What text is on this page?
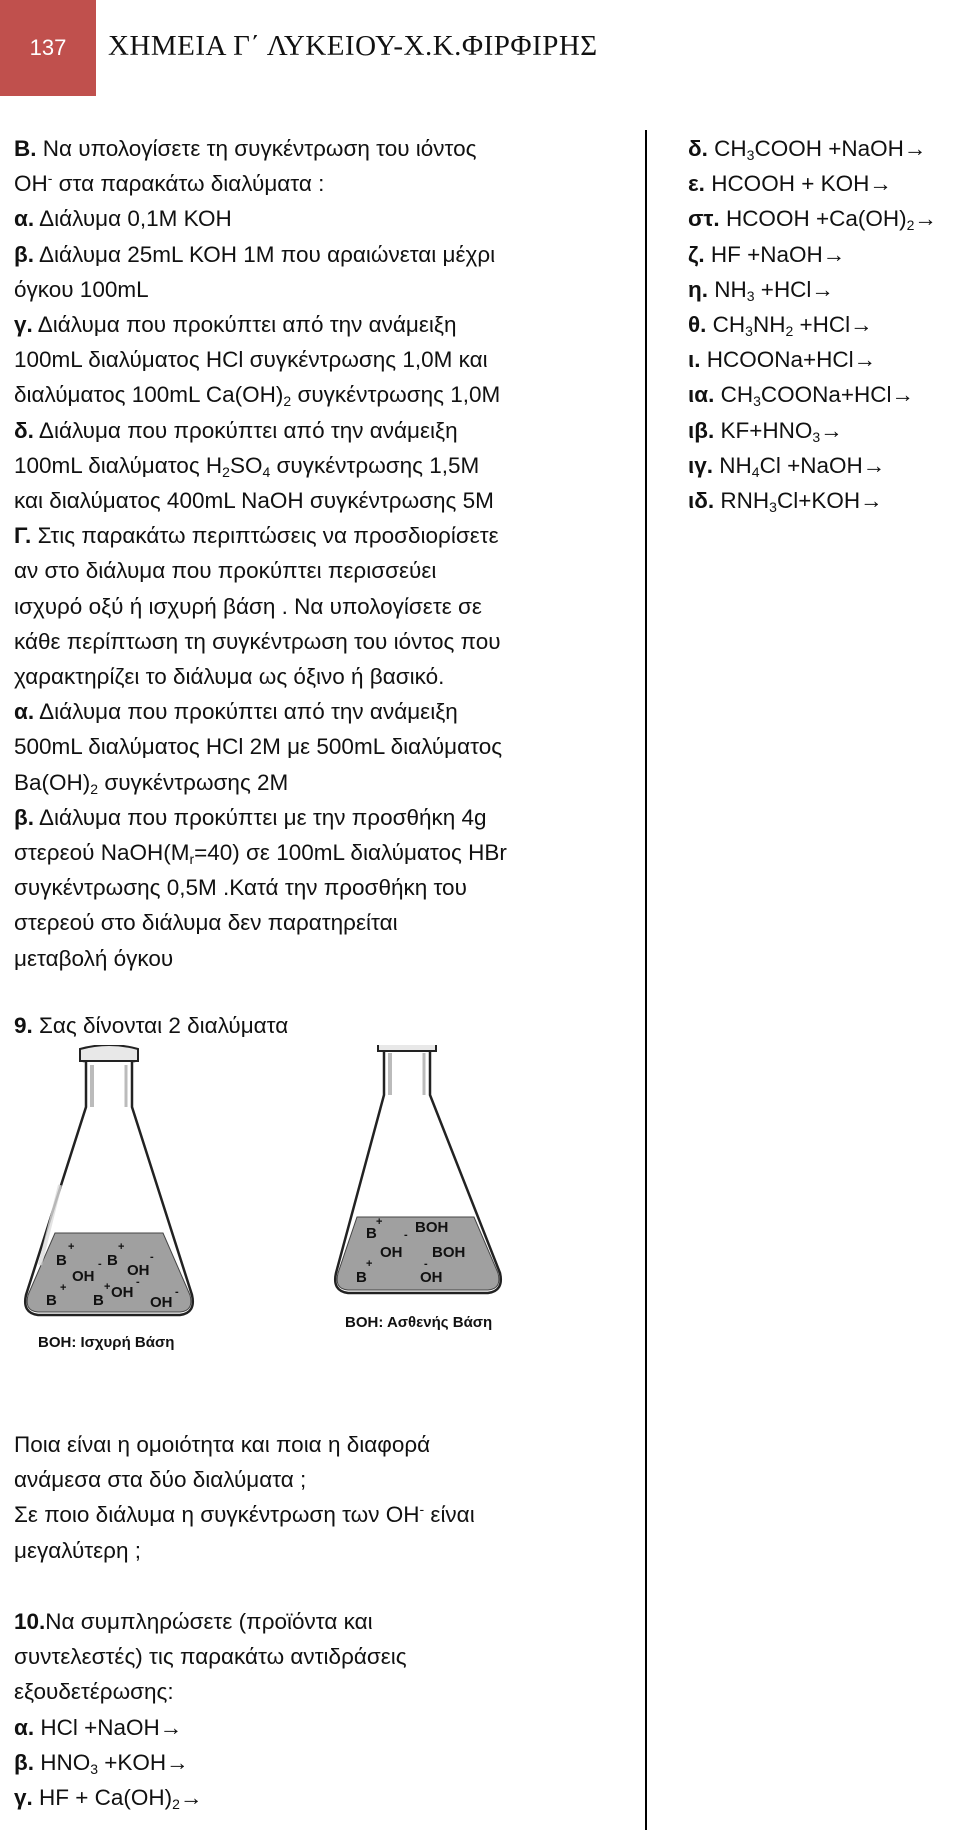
137 ΧΗΜΕΙΑ Γ΄ ΛΥΚΕΙΟΥ-Χ.Κ.ΦΙΡΦΙΡΗΣ
Β. Να υπολογίσετε τη συγκέντρωση του ιόντος
ΟΗ- στα παρακάτω διαλύματα :
α. Διάλυμα 0,1Μ ΚΟΗ
β. Διάλυμα 25mL ΚΟΗ 1Μ που αραιώνεται μέχρι
όγκου 100mL
γ. Διάλυμα που προκύπτει από την ανάμειξη
100mL διαλύματος HCl συγκέντρωσης 1,0Μ και
διαλύματος 100mL $Ca(OH)_2$ συγκέντρωσης 1,0Μ
δ. Διάλυμα που προκύπτει από την ανάμειξη
100mL διαλύματος $H_2SO_4$ συγκέντρωσης 1,5Μ
και διαλύματος 400mL NaOH συγκέντρωσης 5Μ
Γ. Στις παρακάτω περιπτώσεις να προσδιορίσετε
αν στο διάλυμα που προκύπτει περισσεύει
ισχυρό οξύ ή ισχυρή βάση . Να υπολογίσετε σε
κάθε περίπτωση τη συγκέντρωση του ιόντος που
χαρακτηρίζει το διάλυμα ως όξινο ή βασικό.
α. Διάλυμα που προκύπτει από την ανάμειξη
500mL διαλύματος HCl 2M με 500mL διαλύματος
$Ba(OH)_2$ συγκέντρωσης 2Μ
β. Διάλυμα που προκύπτει με την προσθήκη 4g
στερεού $NaOH(M_r=40)$ σε 100mL διαλύματος HBr
συγκέντρωσης 0,5Μ .Κατά την προσθήκη του
στερεού στο διάλυμα δεν παρατηρείται
μεταβολή όγκου
δ. $CH_3COOH$ +NaOH→
ε. HCOOH + KOH→
στ. HCOOH $+Ca(OH)_2\to$
ζ. HF +NaOH→
η. $NH_3 +HCl\to$
θ. $CH_3NH_2 +HCl\to$
ι. HCOONa+HCl→
ια. $CH_3COONa+HCl\to$
ιβ. $KF+HNO_3\to$
ιγ. $NH_4Cl$ +NaOH→
ιδ. $RNH_3Cl+KOH\to$
9. Σας δίνονται 2 διαλύματα
+
B	-
+
B	-
OH
OH	-
+	+
B B OH	-
OH
ΒΟΗ: Ισχυρή Βάση
+
B - BOH
OH BOH
+	-
B	OH
ΒΟΗ: Ασθενής Βάση
Ποια είναι η ομοιότητα και ποια η διαφορά
ανάμεσα στα δύο διαλύματα ;
Σε ποιο διάλυμα η συγκέντρωση των ΟΗ- είναι
μεγαλύτερη ;
10.Να συμπληρώσετε (προϊόντα και
συντελεστές) τις παρακάτω αντιδράσεις
εξουδετέρωσης:
α. HCl +NaOH→
β. $HNO_3 +KOH\to$
γ. HF + $Ca(OH)_2\to$
